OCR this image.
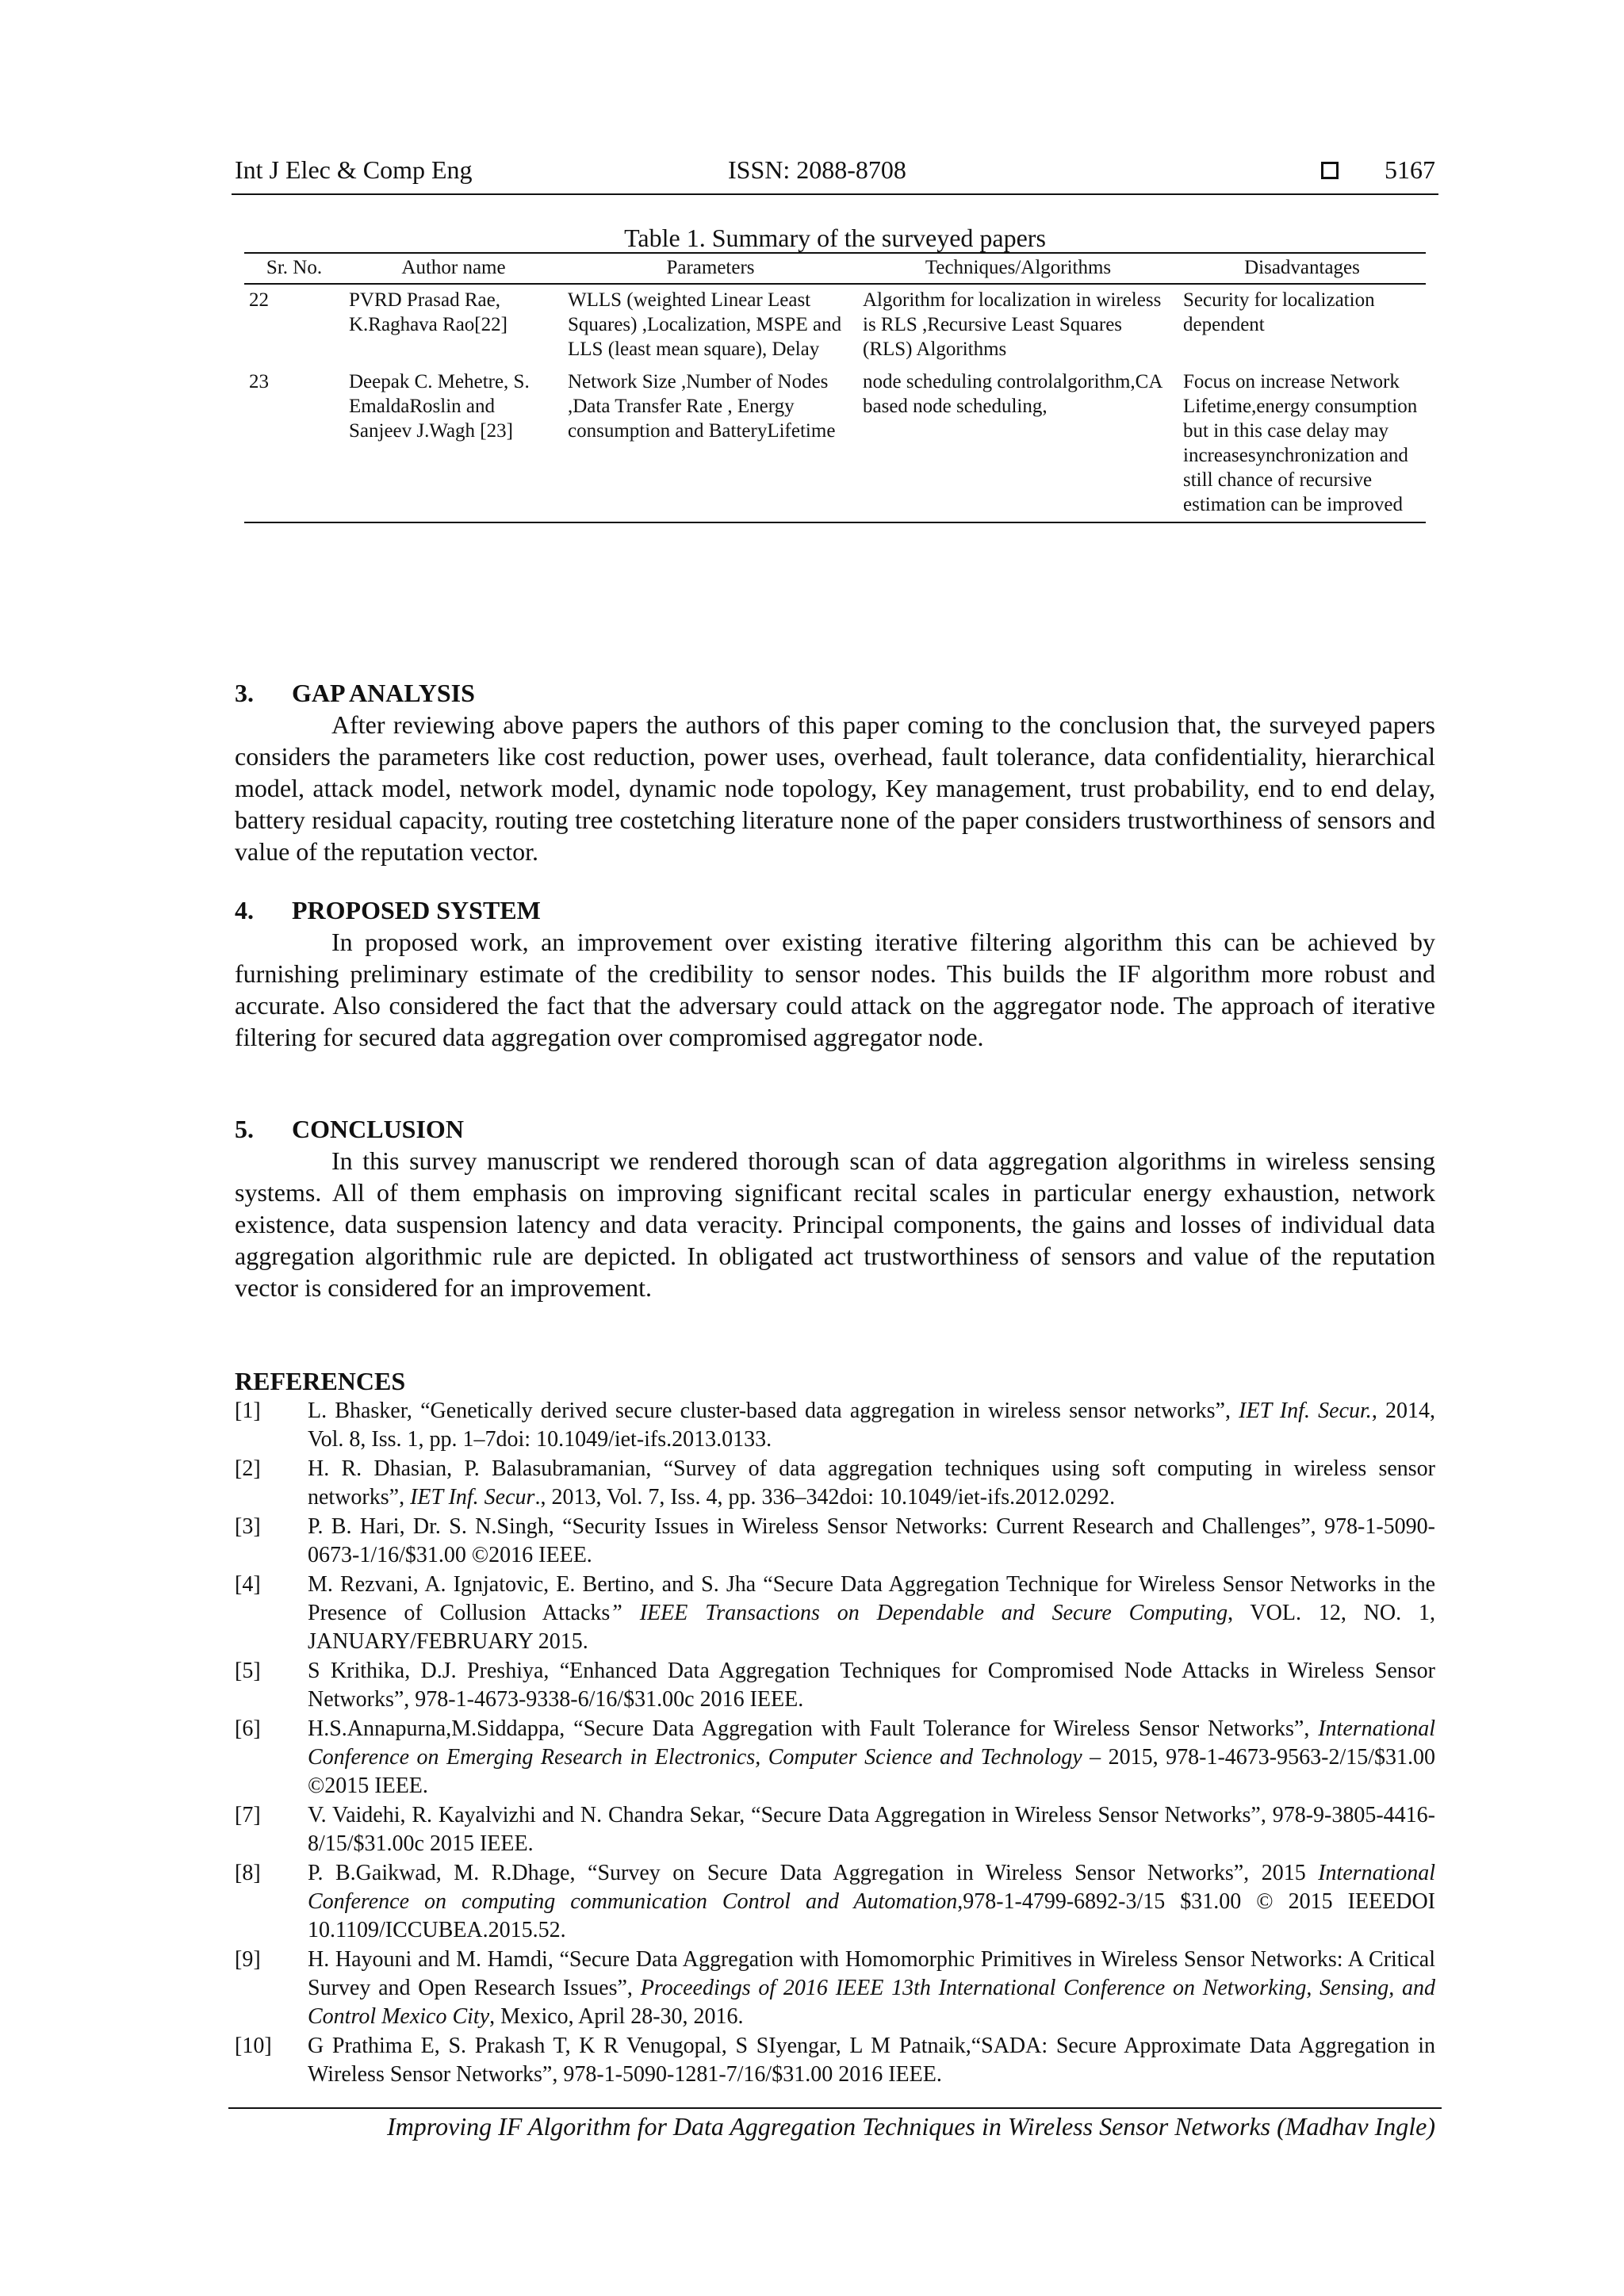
Int J Elec & Comp Eng	ISSN: 2088-8708	5167
Table 1. Summary of the surveyed papers
Sr. No.	Author name	Parameters	Techniques/Algorithms	Disadvantages
22	PVRD Prasad Rae, K.Raghava Rao[22]	WLLS (weighted Linear Least Squares) ,Localization, MSPE and LLS (least mean square), Delay	Algorithm for localization in wireless is RLS ,Recursive Least Squares (RLS) Algorithms	Security for localization dependent
23	Deepak C. Mehetre, S. EmaldaRoslin and Sanjeev J.Wagh [23]	Network Size ,Number of Nodes ,Data Transfer Rate , Energy consumption and BatteryLifetime	node scheduling controlalgorithm,CA based node scheduling,	Focus on increase Network Lifetime,energy consumption but in this case delay may increasesynchronization and still chance of recursive estimation can be improved
3. GAP ANALYSIS

After reviewing above papers the authors of this paper coming to the conclusion that, the surveyed papers considers the parameters like cost reduction, power uses, overhead, fault tolerance, data confidentiality, hierarchical model, attack model, network model, dynamic node topology, Key management, trust probability, end to end delay, battery residual capacity, routing tree costetching literature none of the paper considers trustworthiness of sensors and value of the reputation vector.

4. PROPOSED SYSTEM

In proposed work, an improvement over existing iterative filtering algorithm this can be achieved by furnishing preliminary estimate of the credibility to sensor nodes. This builds the IF algorithm more robust and accurate. Also considered the fact that the adversary could attack on the aggregator node. The approach of iterative filtering for secured data aggregation over compromised aggregator node.

5. CONCLUSION

In this survey manuscript we rendered thorough scan of data aggregation algorithms in wireless sensing systems. All of them emphasis on improving significant recital scales in particular energy exhaustion, network existence, data suspension latency and data veracity. Principal components, the gains and losses of individual data aggregation algorithmic rule are depicted. In obligated act trustworthiness of sensors and value of the reputation vector is considered for an improvement.

REFERENCES
[1] L. Bhasker, “Genetically derived secure cluster-based data aggregation in wireless sensor networks”, IET Inf. Secur., 2014, Vol. 8, Iss. 1, pp. 1–7doi: 10.1049/iet-ifs.2013.0133.
[2] H. R. Dhasian, P. Balasubramanian, “Survey of data aggregation techniques using soft computing in wireless sensor networks”, IET Inf. Secur., 2013, Vol. 7, Iss. 4, pp. 336–342doi: 10.1049/iet-ifs.2012.0292.
[3] P. B. Hari, Dr. S. N.Singh, “Security Issues in Wireless Sensor Networks: Current Research and Challenges”, 978-1-5090-0673-1/16/$31.00 ©2016 IEEE.
[4] M. Rezvani, A. Ignjatovic, E. Bertino, and S. Jha “Secure Data Aggregation Technique for Wireless Sensor Networks in the Presence of Collusion Attacks” IEEE Transactions on Dependable and Secure Computing, VOL. 12, NO. 1, JANUARY/FEBRUARY 2015.
[5] S Krithika, D.J. Preshiya, “Enhanced Data Aggregation Techniques for Compromised Node Attacks in Wireless Sensor Networks”, 978-1-4673-9338-6/16/$31.00c 2016 IEEE.
[6] H.S.Annapurna,M.Siddappa, “Secure Data Aggregation with Fault Tolerance for Wireless Sensor Networks”, International Conference on Emerging Research in Electronics, Computer Science and Technology – 2015, 978-1-4673-9563-2/15/$31.00 ©2015 IEEE.
[7] V. Vaidehi, R. Kayalvizhi and N. Chandra Sekar, “Secure Data Aggregation in Wireless Sensor Networks”, 978-9-3805-4416-8/15/$31.00c 2015 IEEE.
[8] P. B.Gaikwad, M. R.Dhage, “Survey on Secure Data Aggregation in Wireless Sensor Networks”, 2015 International Conference on computing communication Control and Automation,978-1-4799-6892-3/15 $31.00 © 2015 IEEEDOI 10.1109/ICCUBEA.2015.52.
[9] H. Hayouni and M. Hamdi, “Secure Data Aggregation with Homomorphic Primitives in Wireless Sensor Networks: A Critical Survey and Open Research Issues”, Proceedings of 2016 IEEE 13th International Conference on Networking, Sensing, and Control Mexico City, Mexico, April 28-30, 2016.
[10] G Prathima E, S. Prakash T, K R Venugopal, S SIyengar, L M Patnaik,“SADA: Secure Approximate Data Aggregation in Wireless Sensor Networks”, 978-1-5090-1281-7/16/$31.00 2016 IEEE.
Improving IF Algorithm for Data Aggregation Techniques in Wireless Sensor Networks (Madhav Ingle)
